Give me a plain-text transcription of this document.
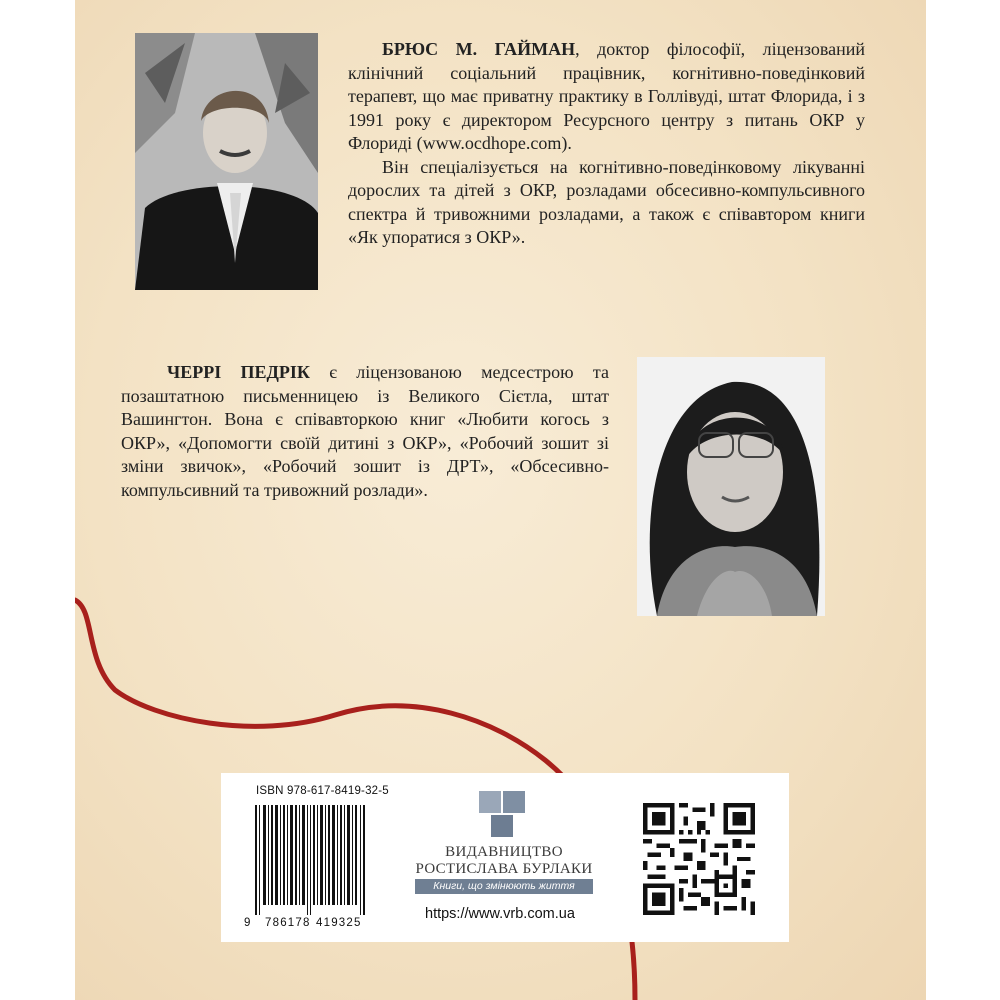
БРЮС М. ГАЙМАН, доктор філософії, ліцензований клінічний соціальний працівник, когнітивно-поведінковий терапевт, що має приватну практику в Голлівуді, штат Флорида, і з 1991 року є директором Ресурсного центру з питань ОКР у Флориді (www.ocdhope.com).

Він спеціалізується на когнітивно-поведінковому лікуванні дорослих та дітей з ОКР, розладами обсесивно-компульсивного спектра й тривожними розладами, а також є співавтором книги «Як упоратися з ОКР».

ЧЕРРІ ПЕДРІК є ліцензованою медсестрою та позаштатною письменницею із Великого Сієтла, штат Вашингтон. Вона є співавторкою книг «Любити когось з ОКР», «Допомогти своїй дитині з ОКР», «Робочий зошит зі зміни звичок», «Робочий зошит із ДРТ», «Обсесивно-компульсивний та тривожний розлади».

ISBN 978-617-8419-32-5
9 786178 419325
ВИДАВНИЦТВО
РОСТИСЛАВА БУРЛАКИ
Книги, що змінюють життя
https://www.vrb.com.ua
